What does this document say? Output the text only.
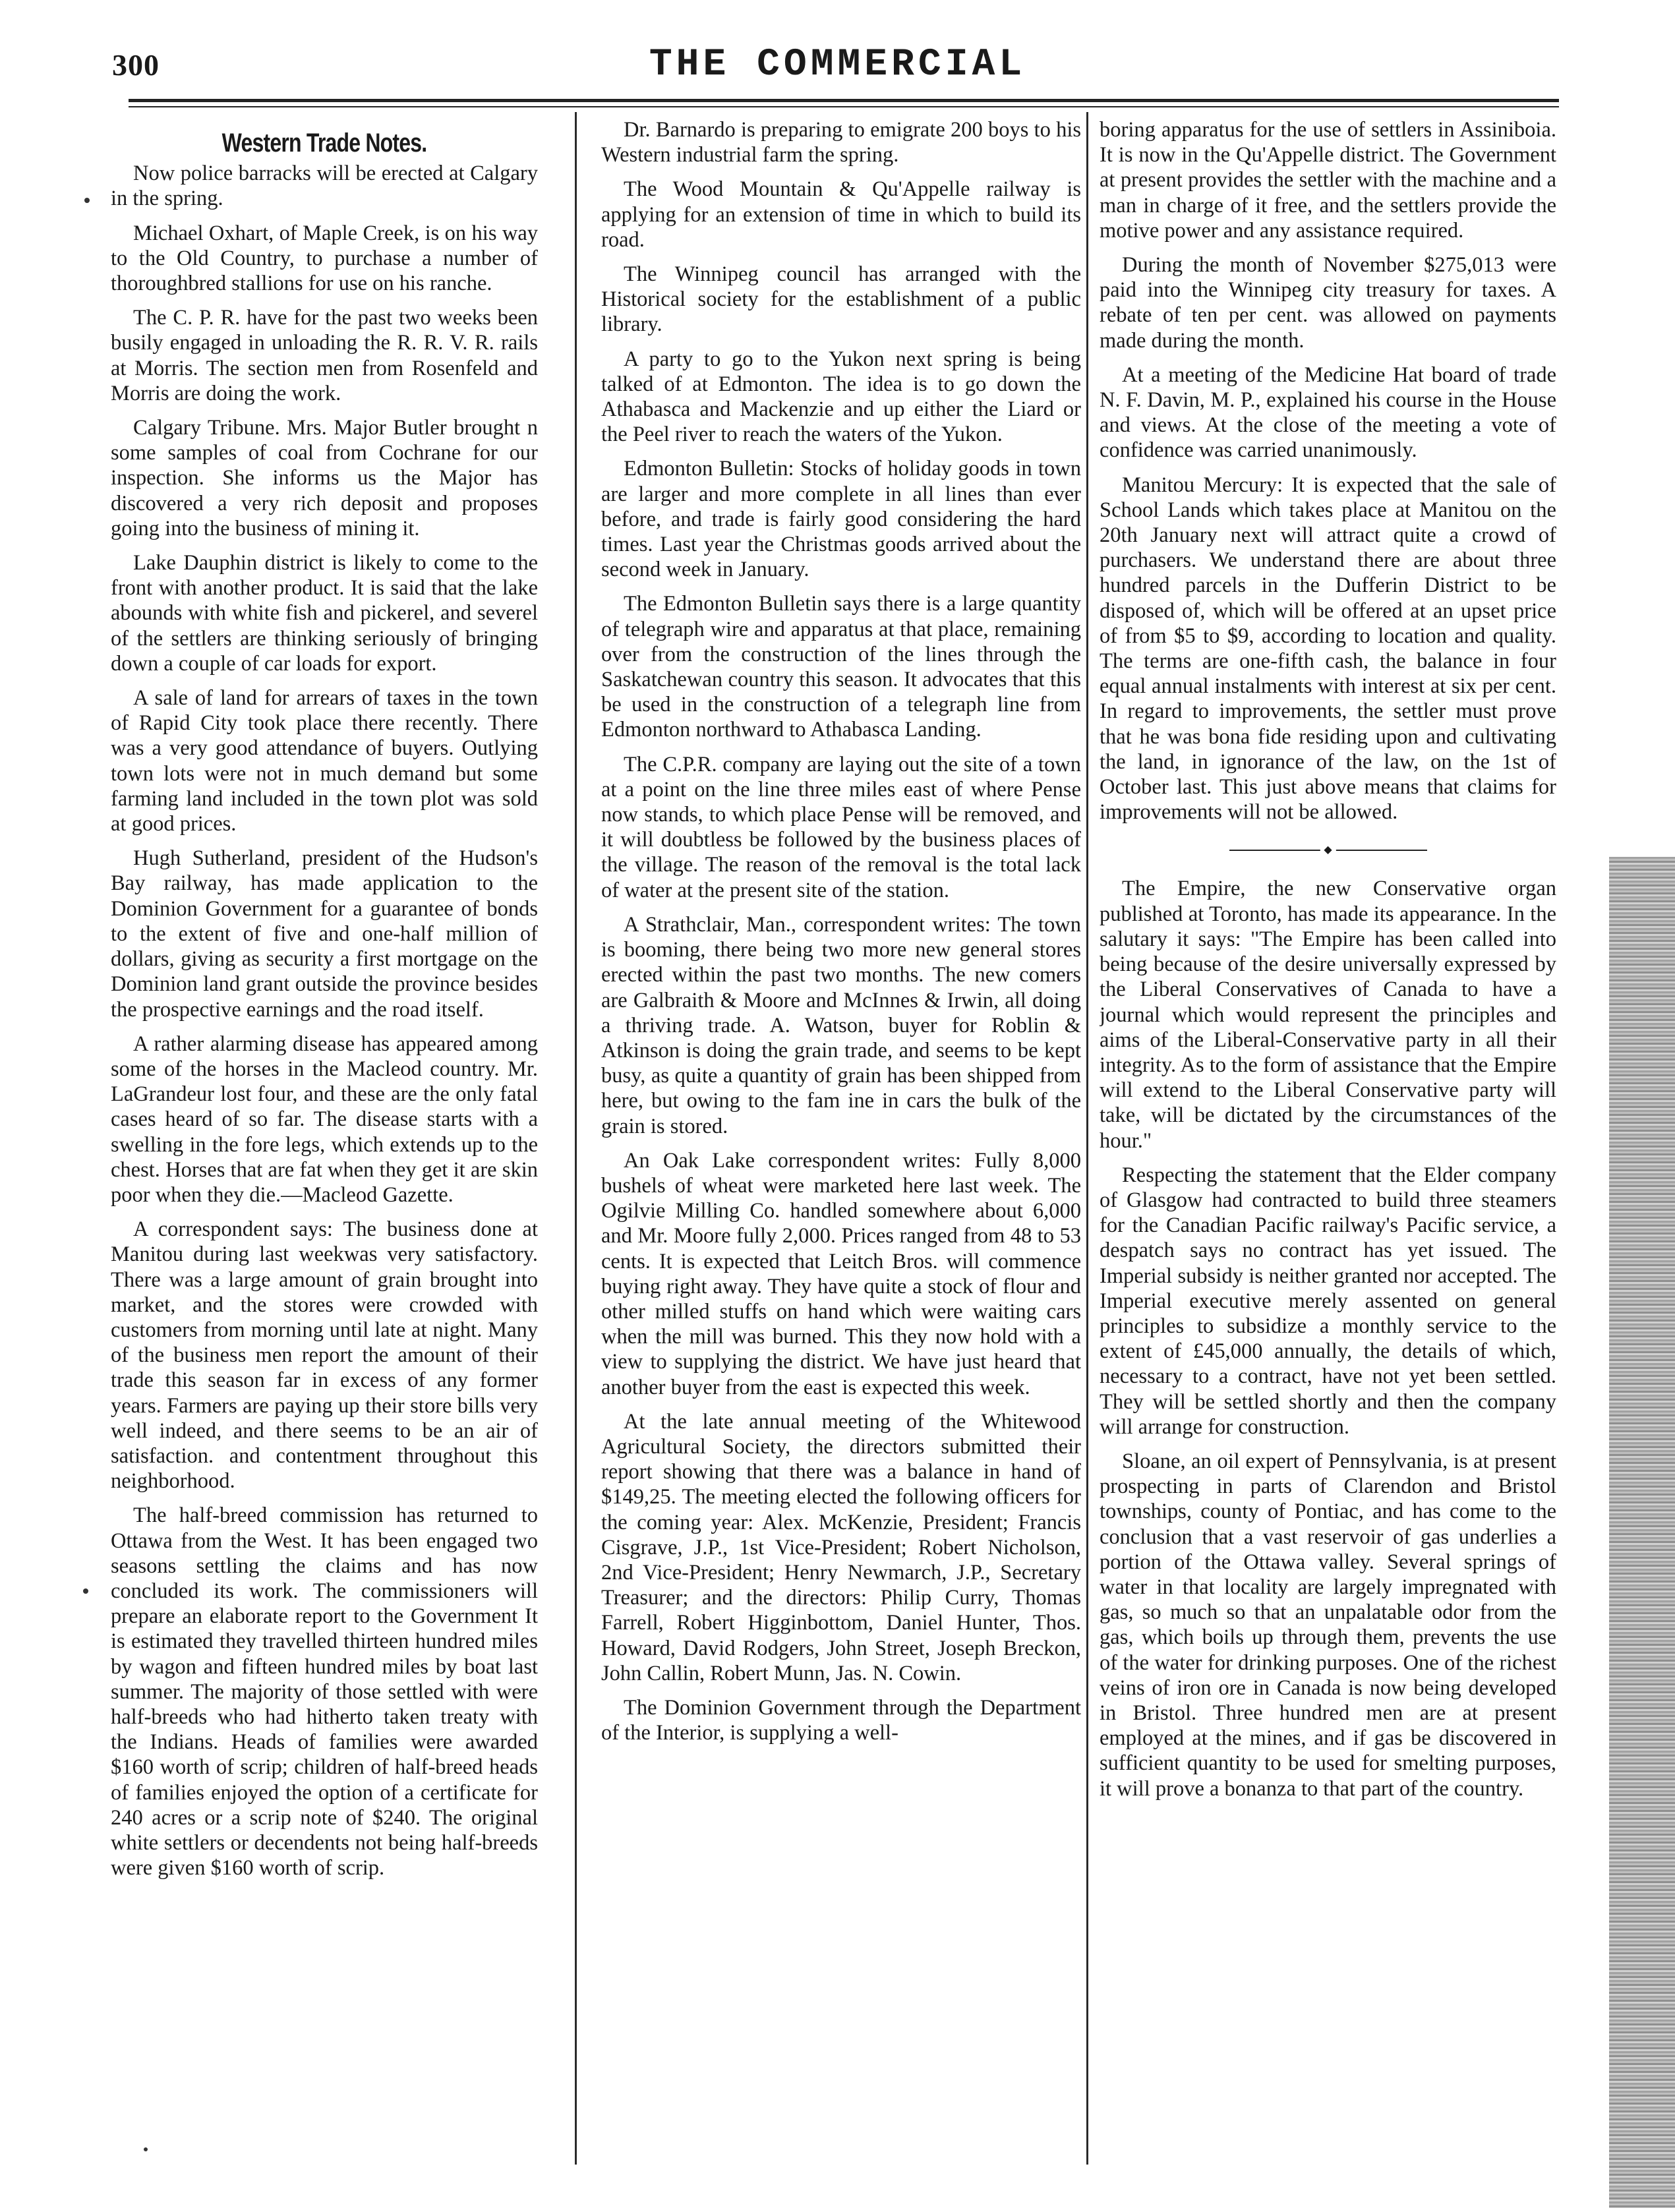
300	THE COMMERCIAL
Western Trade Notes.

Now police barracks will be erected at Calgary in the spring.

Michael Oxhart, of Maple Creek, is on his way to the Old Country, to purchase a number of thoroughbred stallions for use on his ranche.

The C. P. R. have for the past two weeks been busily engaged in unloading the R. R. V. R. rails at Morris. The section men from Rosenfeld and Morris are doing the work.

Calgary Tribune. Mrs. Major Butler brought n some samples of coal from Cochrane for our inspection. She informs us the Major has discovered a very rich deposit and proposes going into the business of mining it.

Lake Dauphin district is likely to come to the front with another product. It is said that the lake abounds with white fish and pickerel, and severel of the settlers are thinking seriously of bringing down a couple of car loads for export.

A sale of land for arrears of taxes in the town of Rapid City took place there recently. There was a very good attendance of buyers. Outlying town lots were not in much demand but some farming land included in the town plot was sold at good prices.

Hugh Sutherland, president of the Hudson's Bay railway, has made application to the Dominion Government for a guarantee of bonds to the extent of five and one-half million of dollars, giving as security a first mortgage on the Dominion land grant outside the province besides the prospective earnings and the road itself.

A rather alarming disease has appeared among some of the horses in the Macleod country. Mr. LaGrandeur lost four, and these are the only fatal cases heard of so far. The disease starts with a swelling in the fore legs, which extends up to the chest. Horses that are fat when they get it are skin poor when they die.—Macleod Gazette.

A correspondent says: The business done at Manitou during last weekwas very satisfactory. There was a large amount of grain brought into market, and the stores were crowded with customers from morning until late at night. Many of the business men report the amount of their trade this season far in excess of any former years. Farmers are paying up their store bills very well indeed, and there seems to be an air of satisfaction. and contentment throughout this neighborhood.

The half-breed commission has returned to Ottawa from the West. It has been engaged two seasons settling the claims and has now concluded its work. The commissioners will prepare an elaborate report to the Government It is estimated they travelled thirteen hundred miles by wagon and fifteen hundred miles by boat last summer. The majority of those settled with were half-breeds who had hitherto taken treaty with the Indians. Heads of families were awarded $160 worth of scrip; children of half-breed heads of families enjoyed the option of a certificate for 240 acres or a scrip note of $240. The original white settlers or decendents not being half-breeds were given $160 worth of scrip.

Dr. Barnardo is preparing to emigrate 200 boys to his Western industrial farm the spring.

The Wood Mountain & Qu'Appelle railway is applying for an extension of time in which to build its road.

The Winnipeg council has arranged with the Historical society for the establishment of a public library.

A party to go to the Yukon next spring is being talked of at Edmonton. The idea is to go down the Athabasca and Mackenzie and up either the Liard or the Peel river to reach the waters of the Yukon.

Edmonton Bulletin: Stocks of holiday goods in town are larger and more complete in all lines than ever before, and trade is fairly good considering the hard times. Last year the Christmas goods arrived about the second week in January.

The Edmonton Bulletin says there is a large quantity of telegraph wire and apparatus at that place, remaining over from the construction of the lines through the Saskatchewan country this season. It advocates that this be used in the construction of a telegraph line from Edmonton northward to Athabasca Landing.

The C.P.R. company are laying out the site of a town at a point on the line three miles east of where Pense now stands, to which place Pense will be removed, and it will doubtless be followed by the business places of the village. The reason of the removal is the total lack of water at the present site of the station.

A Strathclair, Man., correspondent writes: The town is booming, there being two more new general stores erected within the past two months. The new comers are Galbraith & Moore and McInnes & Irwin, all doing a thriving trade. A. Watson, buyer for Roblin & Atkinson is doing the grain trade, and seems to be kept busy, as quite a quantity of grain has been shipped from here, but owing to the fam ine in cars the bulk of the grain is stored.

An Oak Lake correspondent writes: Fully 8,000 bushels of wheat were marketed here last week. The Ogilvie Milling Co. handled somewhere about 6,000 and Mr. Moore fully 2,000. Prices ranged from 48 to 53 cents. It is expected that Leitch Bros. will commence buying right away. They have quite a stock of flour and other milled stuffs on hand which were waiting cars when the mill was burned. This they now hold with a view to supplying the district. We have just heard that another buyer from the east is expected this week.

At the late annual meeting of the Whitewood Agricultural Society, the directors submitted their report showing that there was a balance in hand of $149,25. The meeting elected the following officers for the coming year: Alex. McKenzie, President; Francis Cisgrave, J.P., 1st Vice-President; Robert Nicholson, 2nd Vice-President; Henry Newmarch, J.P., Secretary Treasurer; and the directors: Philip Curry, Thomas Farrell, Robert Higginbottom, Daniel Hunter, Thos. Howard, David Rodgers, John Street, Joseph Breckon, John Callin, Robert Munn, Jas. N. Cowin.

The Dominion Government through the Department of the Interior, is supplying a well-

boring apparatus for the use of settlers in Assiniboia. It is now in the Qu'Appelle district. The Government at present provides the settler with the machine and a man in charge of it free, and the settlers provide the motive power and any assistance required.

During the month of November $275,013 were paid into the Winnipeg city treasury for taxes. A rebate of ten per cent. was allowed on payments made during the month.

At a meeting of the Medicine Hat board of trade N. F. Davin, M. P., explained his course in the House and views. At the close of the meeting a vote of confidence was carried unanimously.

Manitou Mercury: It is expected that the sale of School Lands which takes place at Manitou on the 20th January next will attract quite a crowd of purchasers. We understand there are about three hundred parcels in the Dufferin District to be disposed of, which will be offered at an upset price of from $5 to $9, according to location and quality. The terms are one-fifth cash, the balance in four equal annual instalments with interest at six per cent. In regard to improvements, the settler must prove that he was bona fide residing upon and cultivating the land, in ignorance of the law, on the 1st of October last. This just above means that claims for improvements will not be allowed.

◆

The Empire, the new Conservative organ published at Toronto, has made its appearance. In the salutary it says: "The Empire has been called into being because of the desire universally expressed by the Liberal Conservatives of Canada to have a journal which would represent the principles and aims of the Liberal-Conservative party in all their integrity. As to the form of assistance that the Empire will extend to the Liberal Conservative party will take, will be dictated by the circumstances of the hour."

Respecting the statement that the Elder company of Glasgow had contracted to build three steamers for the Canadian Pacific railway's Pacific service, a despatch says no contract has yet issued. The Imperial subsidy is neither granted nor accepted. The Imperial executive merely assented on general principles to subsidize a monthly service to the extent of £45,000 annually, the details of which, necessary to a contract, have not yet been settled. They will be settled shortly and then the company will arrange for construction.

Sloane, an oil expert of Pennsylvania, is at present prospecting in parts of Clarendon and Bristol townships, county of Pontiac, and has come to the conclusion that a vast reservoir of gas underlies a portion of the Ottawa valley. Several springs of water in that locality are largely impregnated with gas, so much so that an unpalatable odor from the gas, which boils up through them, prevents the use of the water for drinking purposes. One of the richest veins of iron ore in Canada is now being developed in Bristol. Three hundred men are at present employed at the mines, and if gas be discovered in sufficient quantity to be used for smelting purposes, it will prove a bonanza to that part of the country.
